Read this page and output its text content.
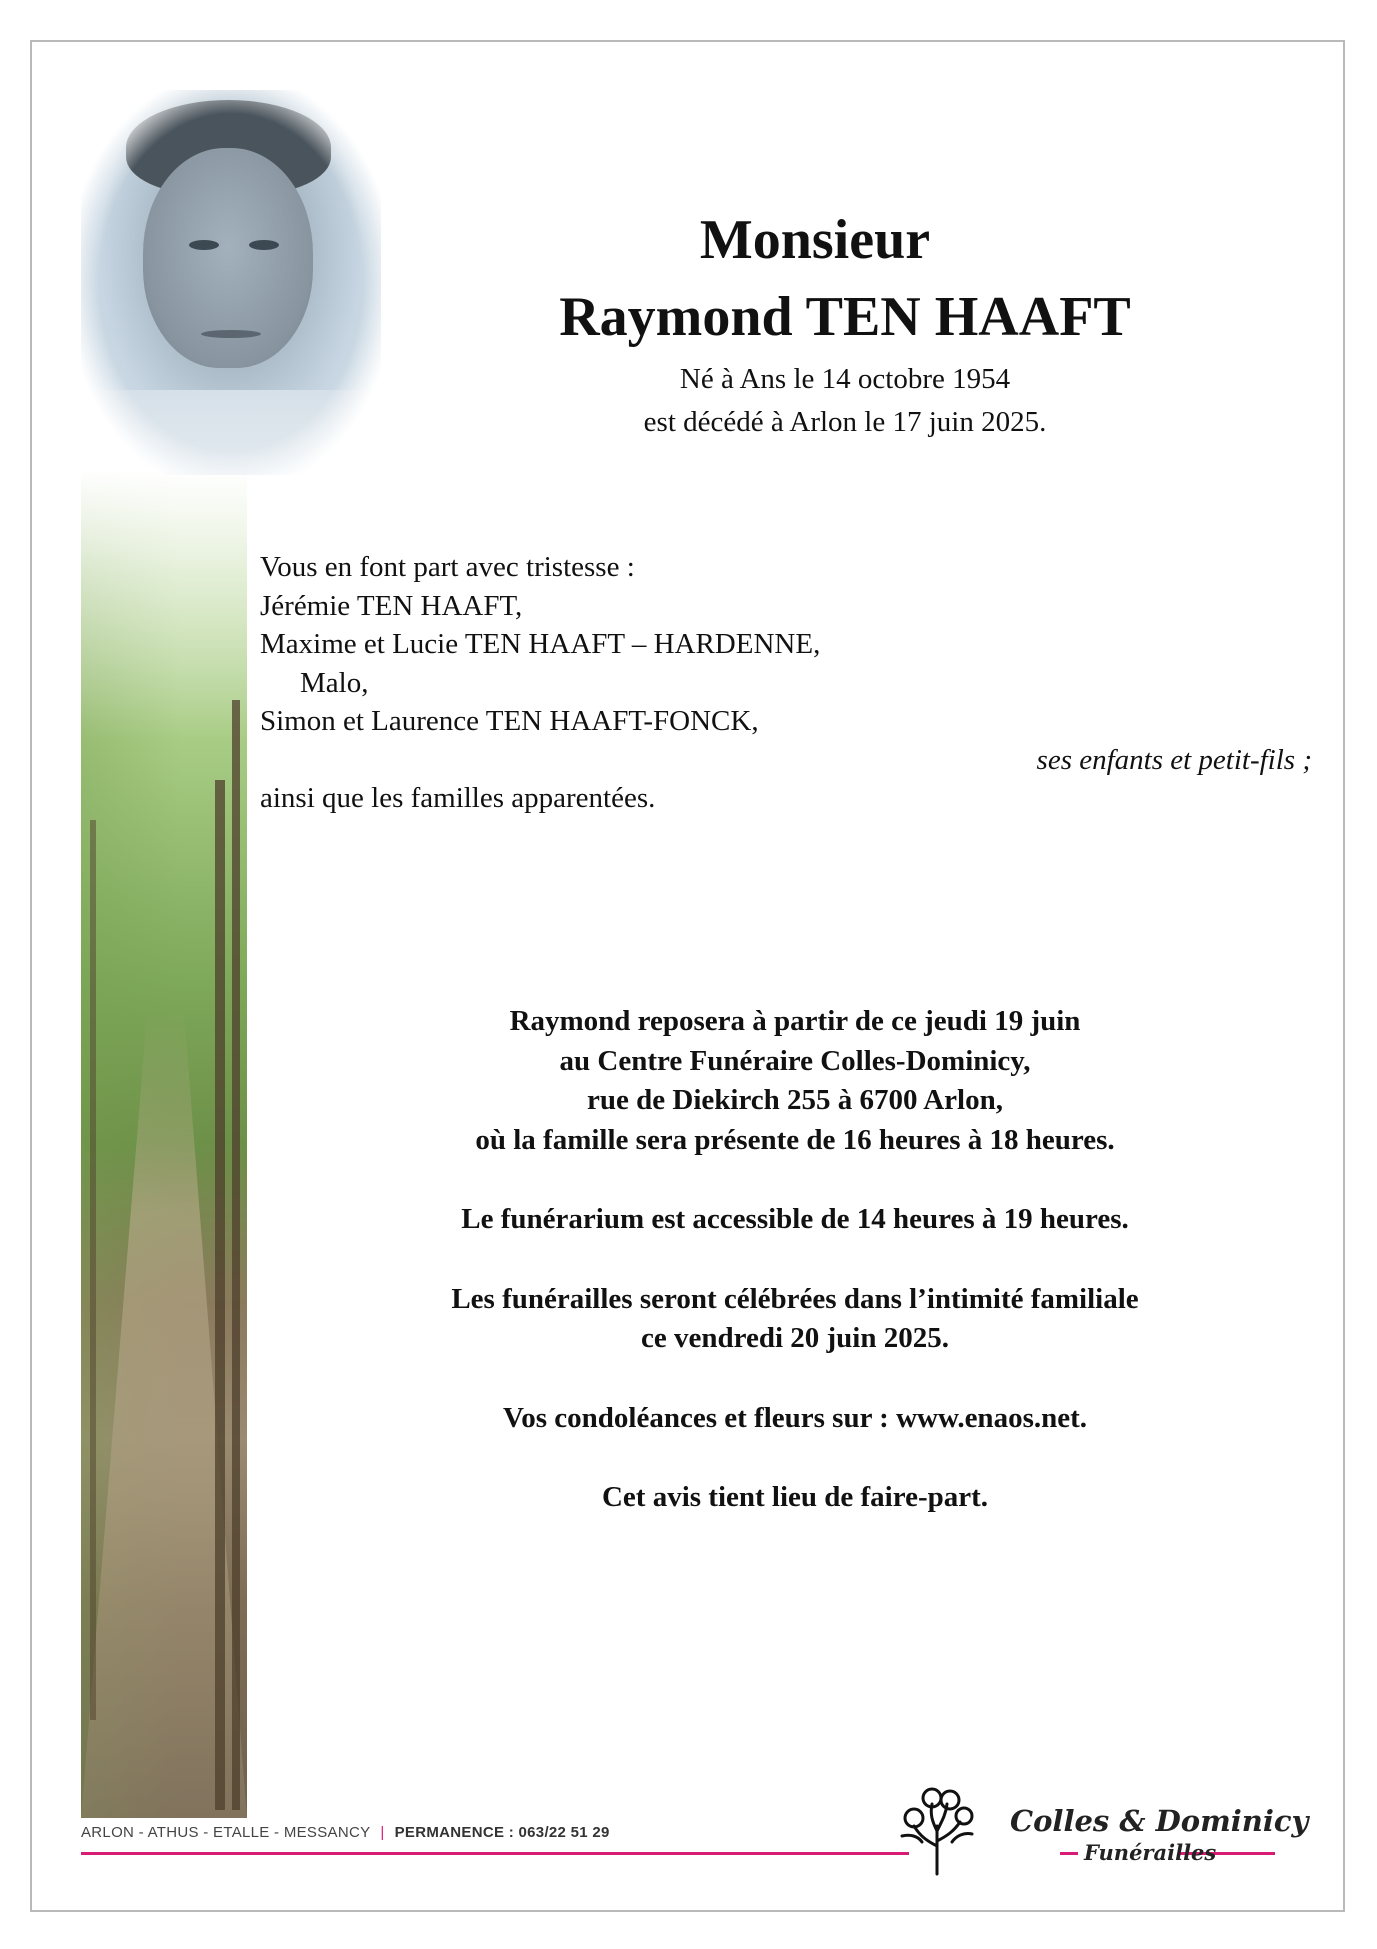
Monsieur
Raymond TEN HAAFT
Né à Ans le 14 octobre 1954
est décédé à Arlon le 17 juin 2025.
Vous en font part avec tristesse :
Jérémie TEN HAAFT,
Maxime et Lucie TEN HAAFT – HARDENNE,
Malo,
Simon et Laurence TEN HAAFT-FONCK,
ses enfants et petit-fils ;
ainsi que les familles apparentées.
Raymond reposera à partir de ce jeudi 19 juin
au Centre Funéraire Colles-Dominicy,
rue de Diekirch 255 à 6700 Arlon,
où la famille sera présente de 16 heures à 18 heures.
Le funérarium est accessible de 14 heures à 19 heures.
Les funérailles seront célébrées dans l’intimité familiale
ce vendredi 20 juin 2025.
Vos condoléances et fleurs sur : www.enaos.net.
Cet avis tient lieu de faire-part.
ARLON - ATHUS - ETALLE - MESSANCY | PERMANENCE : 063/22 51 29	Colles & Dominicy
Funérailles
